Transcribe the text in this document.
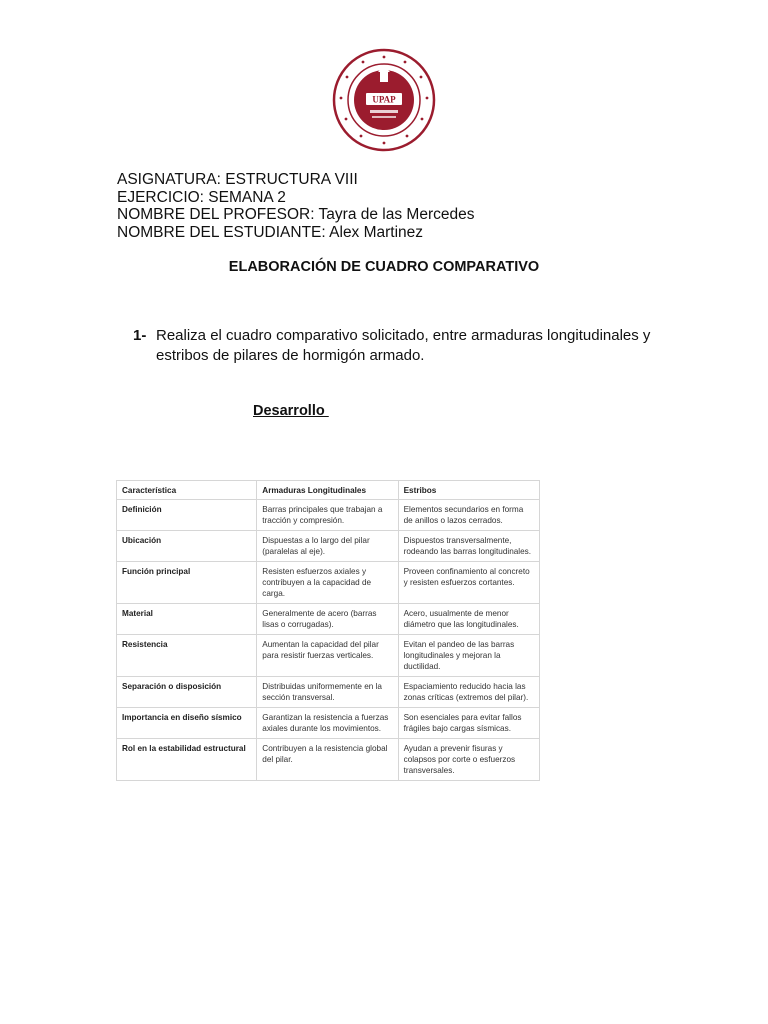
UPAP
ASIGNATURA: ESTRUCTURA VIII
EJERCICIO: SEMANA 2
NOMBRE DEL PROFESOR: Tayra de las Mercedes
NOMBRE DEL ESTUDIANTE: Alex Martinez
ELABORACIÓN DE CUADRO COMPARATIVO
1- Realiza el cuadro comparativo solicitado, entre armaduras longitudinales y estribos de pilares de hormigón armado.
Desarrollo
Característica	Armaduras Longitudinales	Estribos
Definición	Barras principales que trabajan a tracción y compresión.	Elementos secundarios en forma de anillos o lazos cerrados.
Ubicación	Dispuestas a lo largo del pilar (paralelas al eje).	Dispuestos transversalmente, rodeando las barras longitudinales.
Función principal	Resisten esfuerzos axiales y contribuyen a la capacidad de carga.	Proveen confinamiento al concreto y resisten esfuerzos cortantes.
Material	Generalmente de acero (barras lisas o corrugadas).	Acero, usualmente de menor diámetro que las longitudinales.
Resistencia	Aumentan la capacidad del pilar para resistir fuerzas verticales.	Evitan el pandeo de las barras longitudinales y mejoran la ductilidad.
Separación o disposición	Distribuidas uniformemente en la sección transversal.	Espaciamiento reducido hacia las zonas críticas (extremos del pilar).
Importancia en diseño sísmico	Garantizan la resistencia a fuerzas axiales durante los movimientos.	Son esenciales para evitar fallos frágiles bajo cargas sísmicas.
Rol en la estabilidad estructural	Contribuyen a la resistencia global del pilar.	Ayudan a prevenir fisuras y colapsos por corte o esfuerzos transversales.
